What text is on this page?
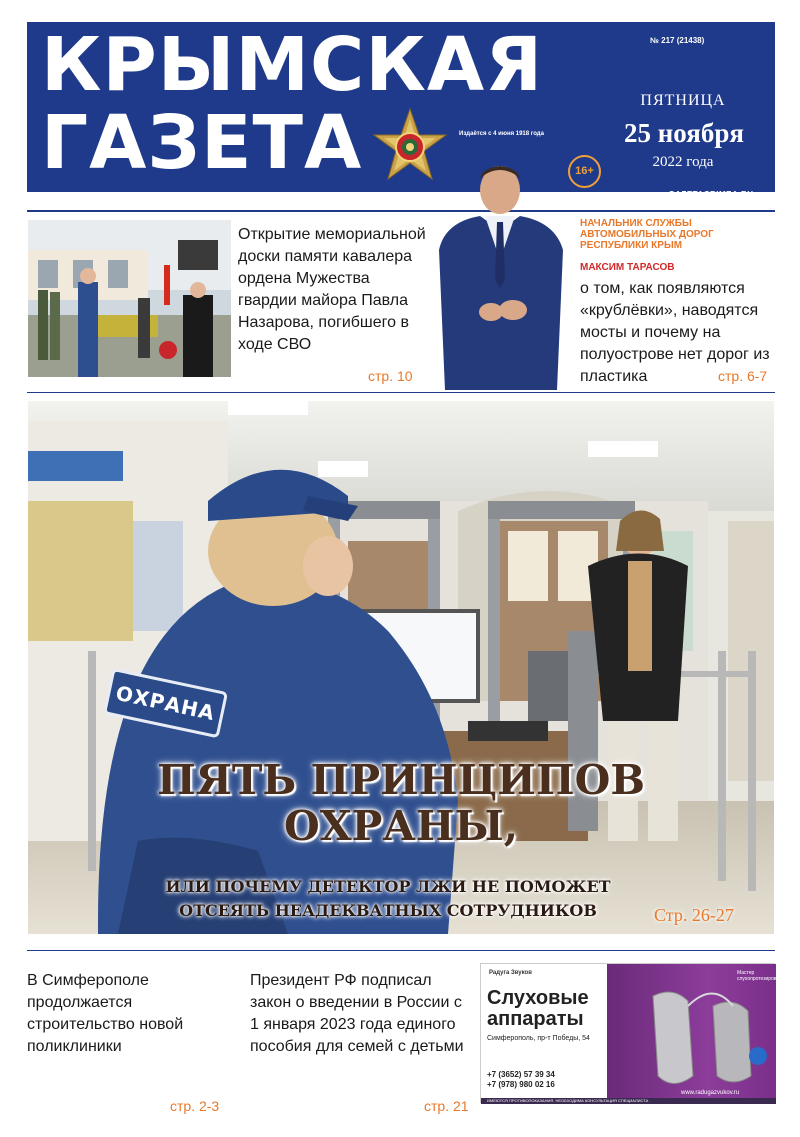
КРЫМСКАЯ
ГАЗЕТА	Издаётся с 4 июня 1918 года
№ 217 (21438)
ПЯТНИЦА
25 ноября
2022 года
16+
GAZETACRIMEA.RU
Открытие мемориальной доски памяти кавалера ордена Мужества гвардии майора Павла Назарова, погибшего в ходе СВО
стр. 10
НАЧАЛЬНИК СЛУЖБЫ АВТОМОБИЛЬНЫХ ДОРОГ РЕСПУБЛИКИ КРЫМ
МАКСИМ ТАРАСОВ
о том, как появляются «крублёвки», наводятся мосты и почему на полуострове нет дорог из пластика	стр. 6-7
ОХРАНА
ПЯТЬ ПРИНЦИПОВ
ОХРАНЫ,
ИЛИ ПОЧЕМУ ДЕТЕКТОР ЛЖИ НЕ ПОМОЖЕТ
ОТСЕЯТЬ НЕАДЕКВАТНЫХ СОТРУДНИКОВ	Стр. 26-27
В Симферополе продолжается строительство новой поликлиники
стр. 2-3
Президент РФ подписал закон о введении в России с 1 января 2023 года единого пособия для семей с детьми
стр. 21
Радуга Звуков	Мастер слухопротезирования
Слуховые аппараты
Симферополь, пр-т Победы, 54
+7 (3652) 57 39 34
+7 (978) 980 02 16
www.radugazvukov.ru
ИМЕЮТСЯ ПРОТИВОПОКАЗАНИЯ. НЕОБХОДИМА КОНСУЛЬТАЦИЯ СПЕЦИАЛИСТА
